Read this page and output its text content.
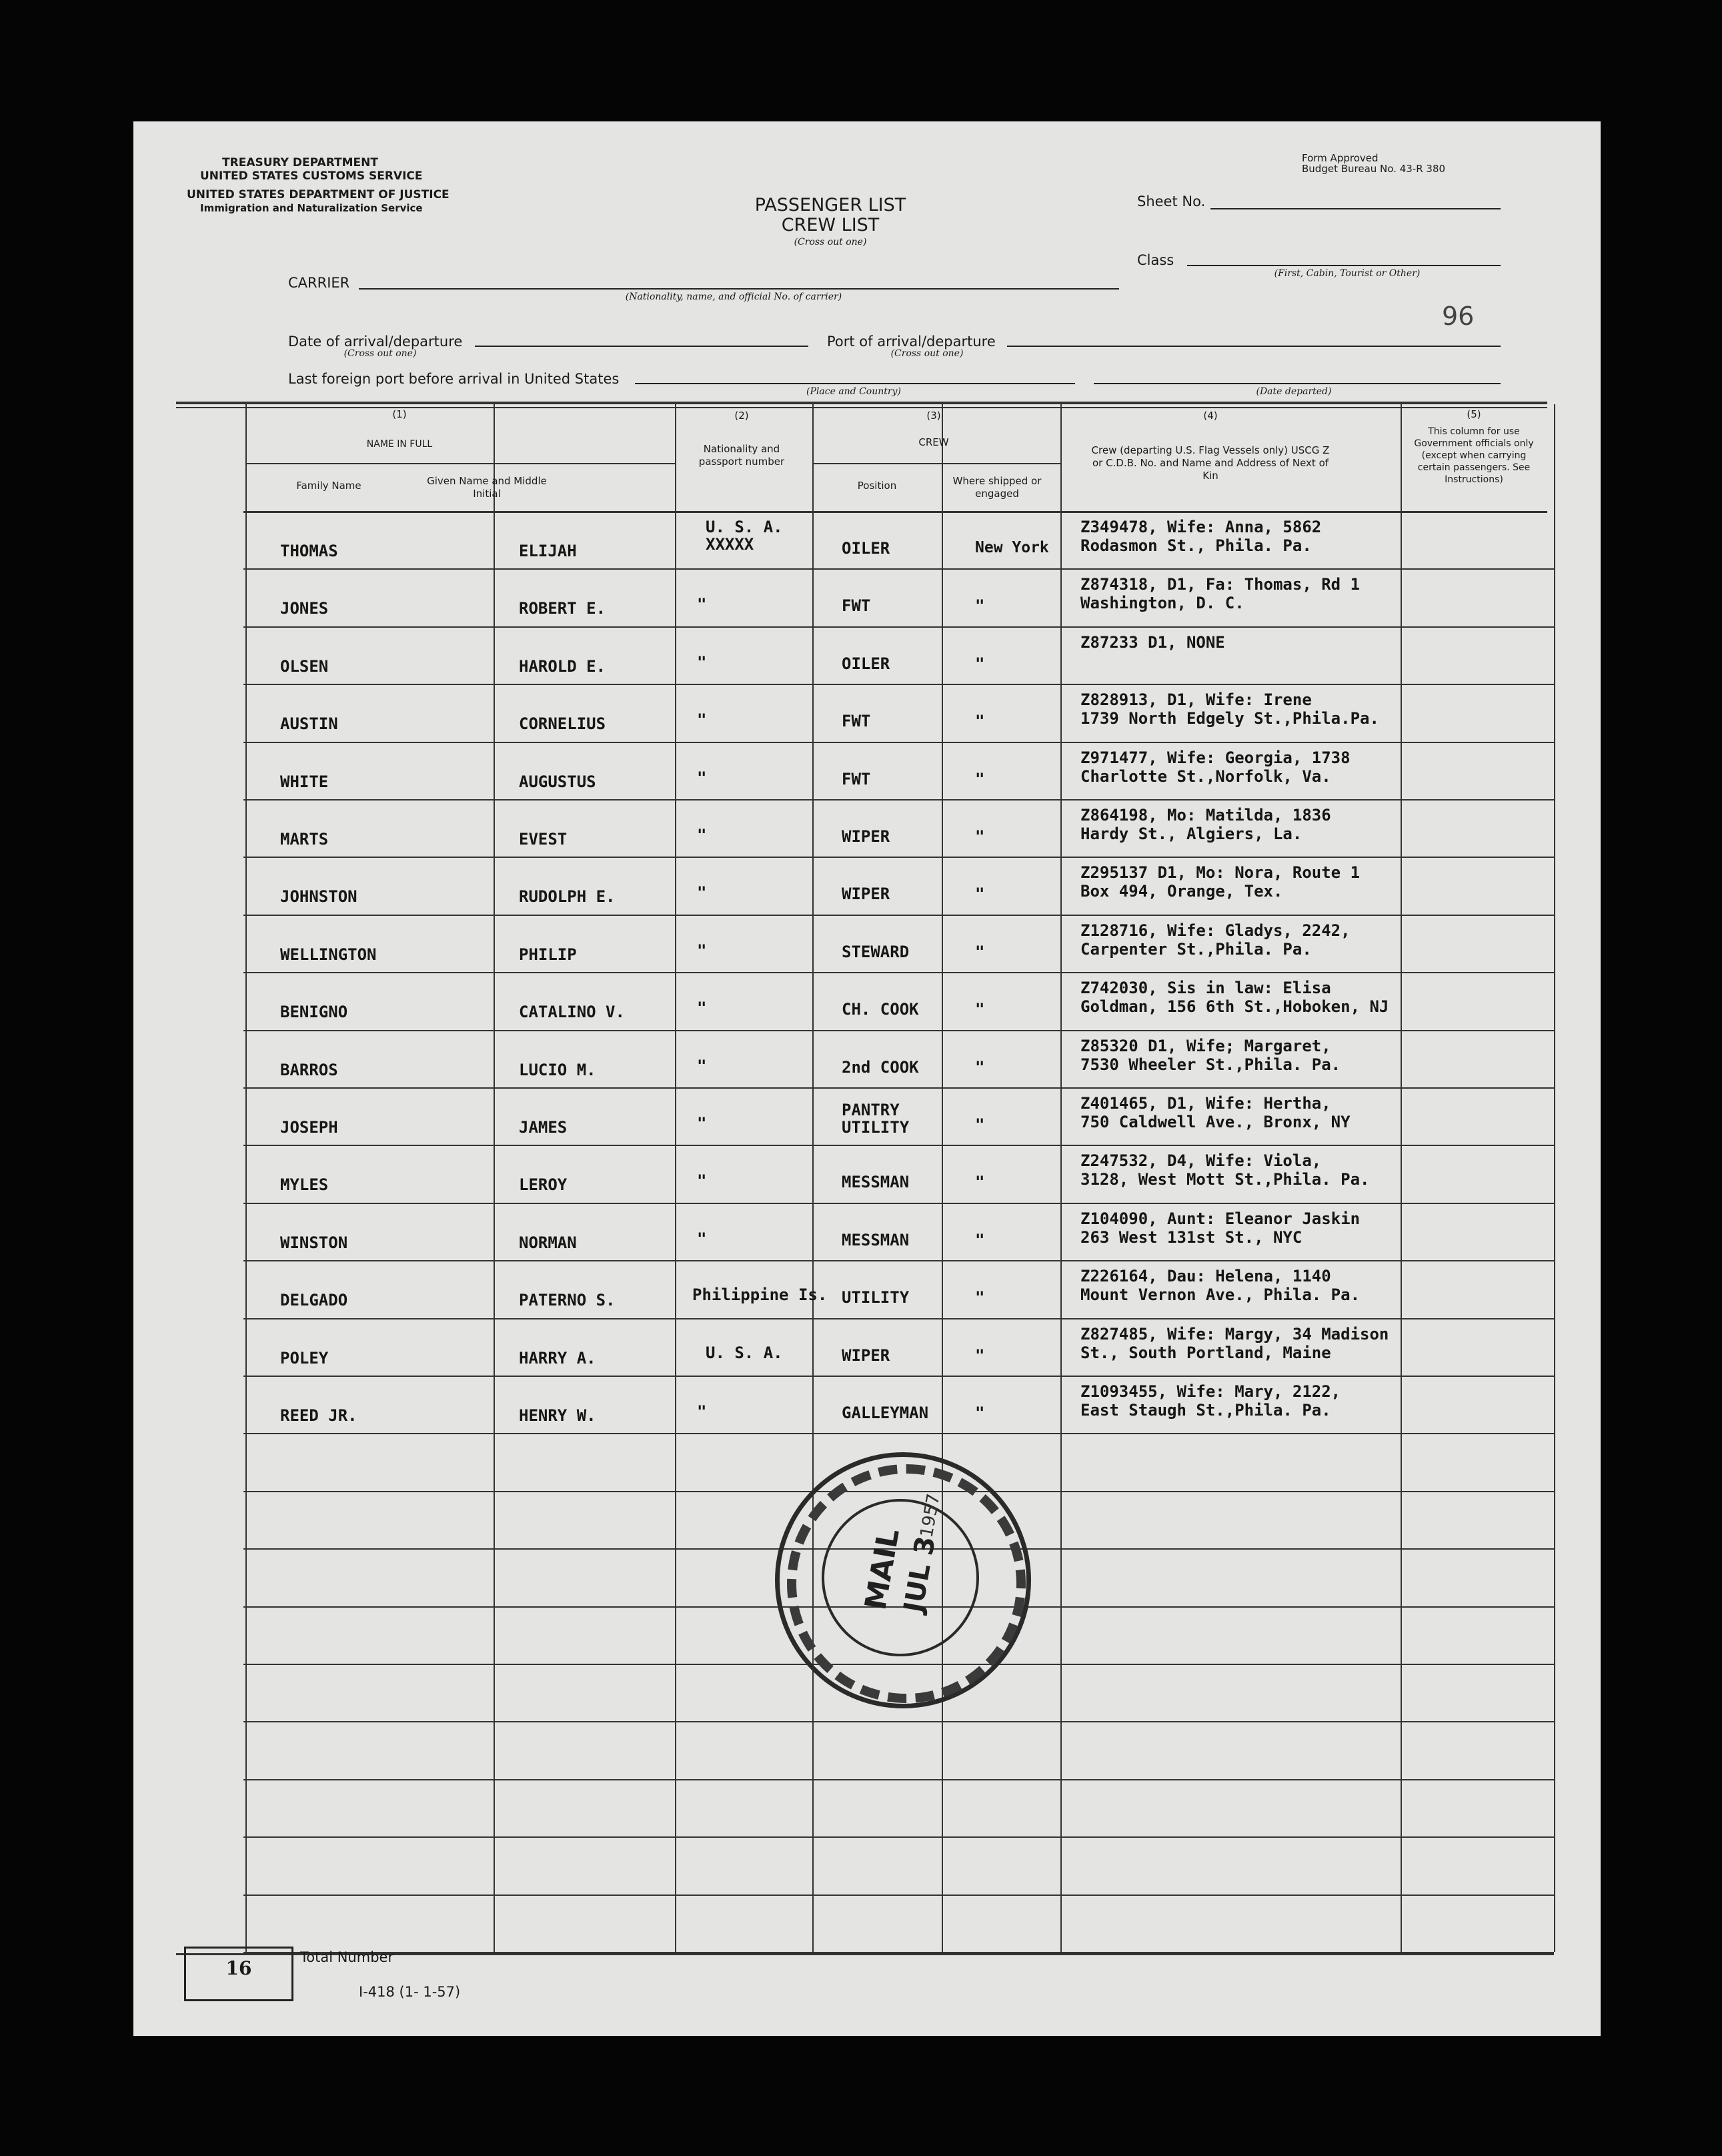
TREASURY DEPARTMENT
UNITED STATES CUSTOMS SERVICE
UNITED STATES DEPARTMENT OF JUSTICE
Immigration and Naturalization Service	PASSENGER LIST
CREW LIST
(Cross out one)
Form Approved
Budget Bureau No. 43-R 380
Sheet No.
Class
(First, Cabin, Tourist or Other)
96
CARRIER
(Nationality, name, and official No. of carrier)
Date of arrival/departure
(Cross out one)
Port of arrival/departure
(Cross out one)
Last foreign port before arrival in United States
(Place and Country)	(Date departed)
(1)
NAME IN FULL
Family Name	Given Name and Middle Initial
(2)
Nationality and passport number
(3)
CREW
Position	Where shipped or engaged
(4)
Crew (departing U.S. Flag Vessels only) USCG Z or C.D.B. No. and Name and Address of Next of Kin
(5)
This column for use Government officials only (except when carrying certain passengers. See Instructions)
THOMAS	ELIJAH
U. S. A.
XXXXX	OILER	New York
Z349478, Wife: Anna, 5862
Rodasmon St., Phila. Pa.
JONES	ROBERT E.	"	FWT	"
Z874318, D1, Fa: Thomas, Rd 1
Washington, D. C.
OLSEN	HAROLD E.	"	OILER	"
Z87233 D1, NONE
AUSTIN	CORNELIUS	"	FWT	"
Z828913, D1, Wife: Irene
1739 North Edgely St.,Phila.Pa.
WHITE	AUGUSTUS	"	FWT	"
Z971477, Wife: Georgia, 1738
Charlotte St.,Norfolk, Va.
MARTS	EVEST	"	WIPER	"
Z864198, Mo: Matilda, 1836
Hardy St., Algiers, La.
JOHNSTON	RUDOLPH E.	"	WIPER	"
Z295137 D1, Mo: Nora, Route 1
Box 494, Orange, Tex.
WELLINGTON	PHILIP	"	STEWARD	"
Z128716, Wife: Gladys, 2242,
Carpenter St.,Phila. Pa.
BENIGNO	CATALINO V.	"	CH. COOK	"
Z742030, Sis in law: Elisa
Goldman, 156 6th St.,Hoboken, NJ
BARROS	LUCIO M.	"	2nd COOK	"
Z85320 D1, Wife; Margaret,
7530 Wheeler St.,Phila. Pa.
JOSEPH	JAMES	"
PANTRY
UTILITY	"
Z401465, D1, Wife: Hertha,
750 Caldwell Ave., Bronx, NY
MYLES	LEROY	"	MESSMAN	"
Z247532, D4, Wife: Viola,
3128, West Mott St.,Phila. Pa.
WINSTON	NORMAN	"	MESSMAN	"
Z104090, Aunt: Eleanor Jaskin
263 West 131st St., NYC
DELGADO	PATERNO S.	Philippine Is. UTILITY	"
Z226164, Dau: Helena, 1140
Mount Vernon Ave., Phila. Pa.
POLEY	HARRY A.	U. S. A.	WIPER	"
Z827485, Wife: Margy, 34 Madison
St., South Portland, Maine
REED JR.	HENRY W.	"	GALLEYMAN	"
Z1093455, Wife: Mary, 2122,
East Staugh St.,Phila. Pa.
MAIL
JUL 3
1957
16	Total Number
I-418 (1- 1-57)
